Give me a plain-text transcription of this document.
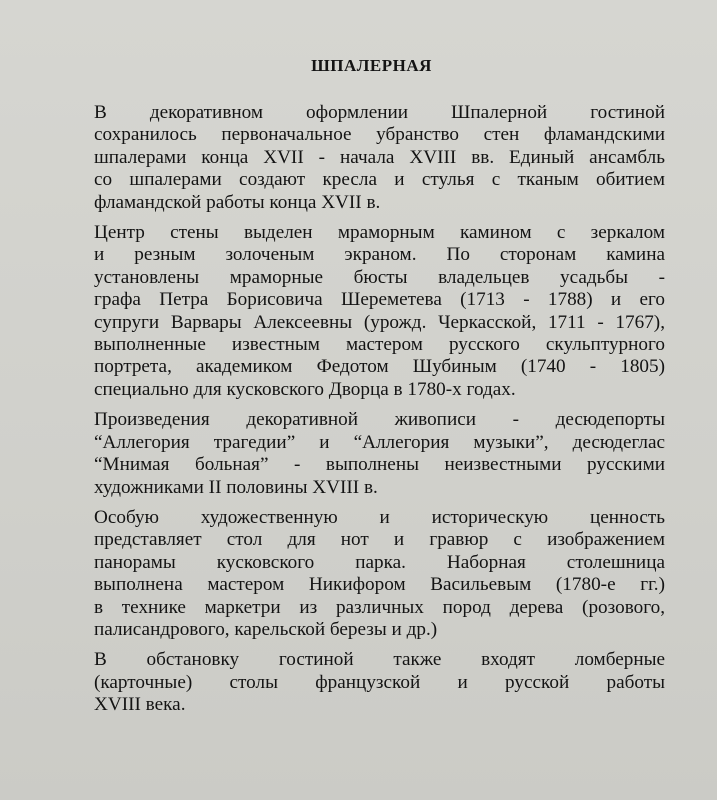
ШПАЛЕРНАЯ
В декоративном оформлении Шпалерной гостиной
сохранилось первоначальное убранство стен фламандскими
шпалерами конца XVII - начала XVIII вв. Единый ансамбль
со шпалерами создают кресла и стулья с тканым обитием
фламандской работы конца XVII в.
Центр стены выделен мраморным камином с зеркалом
и резным золоченым экраном. По сторонам камина
установлены мраморные бюсты владельцев усадьбы -
графа Петра Борисовича Шереметева (1713 - 1788) и его
супруги Варвары Алексеевны (урожд. Черкасской, 1711 - 1767),
выполненные известным мастером русского скульптурного
портрета, академиком Федотом Шубиным (1740 - 1805)
специально для кусковского Дворца в 1780-х годах.
Произведения декоративной живописи - десюдепорты
“Аллегория трагедии” и “Аллегория музыки”, десюдеглас
“Мнимая больная” - выполнены неизвестными русскими
художниками II половины XVIII в.
Особую художественную и историческую ценность
представляет стол для нот и гравюр с изображением
панорамы кусковского парка. Наборная столешница
выполнена мастером Никифором Васильевым (1780-е гг.)
в технике маркетри из различных пород дерева (розового,
палисандрового, карельской березы и др.)
В обстановку гостиной также входят ломберные
(карточные) столы французской и русской работы
XVIII века.
